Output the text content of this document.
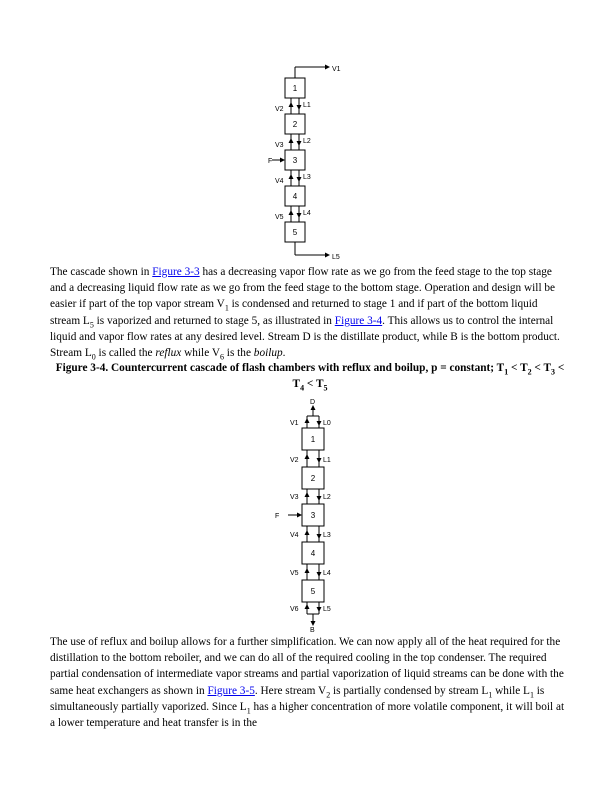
V1
1
2
3
4
5
V2
L1
V3
L2
V4
L3
V5
L4
F
L5

The cascade shown in Figure 3-3 has a decreasing vapor flow rate as we go from the feed stage to the top stage and a decreasing liquid flow rate as we go from the feed stage to the bottom stage. Operation and design will be easier if part of the top vapor stream $V_1$ is condensed and returned to stage 1 and if part of the bottom liquid stream $L_5$ is vaporized and returned to stage 5, as illustrated in Figure 3-4. This allows us to control the internal liquid and vapor flow rates at any desired level. Stream D is the distillate product, while B is the bottom product. Stream $L_0$ is called the reflux while $V_6$ is the boilup.

Figure 3-4. Countercurrent cascade of flash chambers with reflux and boilup, p = constant; $T_1 < T_2 < T_3 < T_4 < T_5$

D
V1	L0
1
2
3
4
5
V2	L1
V3	L2
V4	L3
V5	L4
F
V6	L5
B

The use of reflux and boilup allows for a further simplification. We can now apply all of the heat required for the distillation to the bottom reboiler, and we can do all of the required cooling in the top condenser. The required partial condensation of intermediate vapor streams and partial vaporization of liquid streams can be done with the same heat exchangers as shown in Figure 3-5. Here stream $V_2$ is partially condensed by stream $L_1$ while $L_1$ is simultaneously partially vaporized. Since $L_1$ has a higher concentration of more volatile component, it will boil at a lower temperature and heat transfer is in the
